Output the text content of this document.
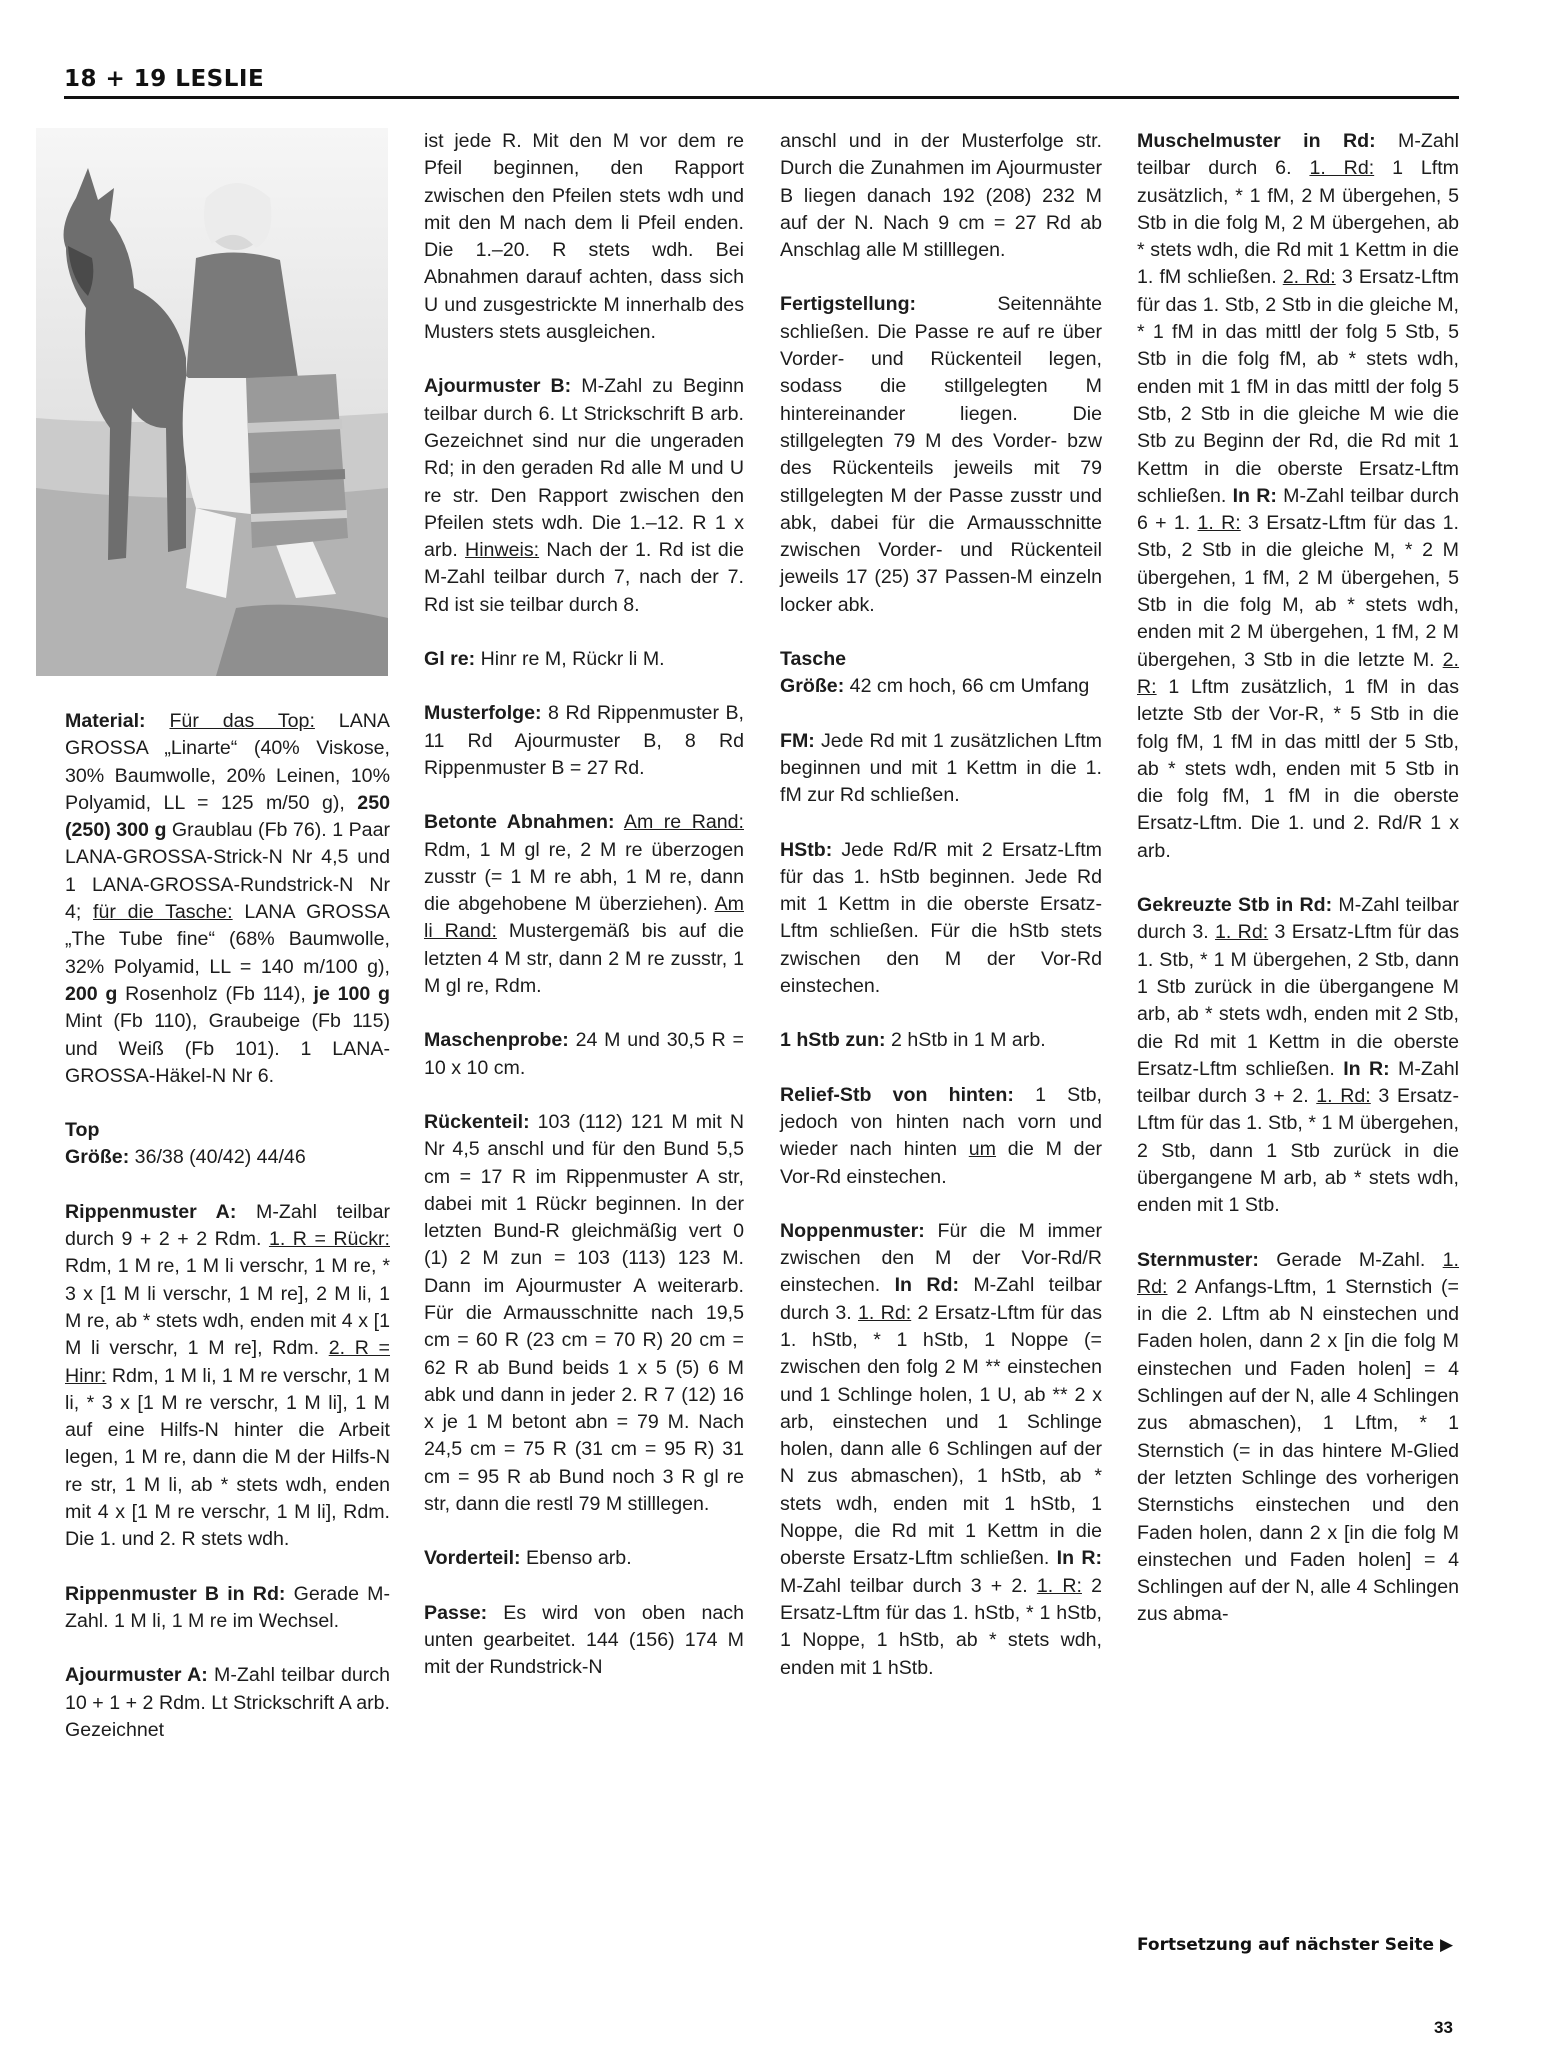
18 + 19 LESLIE

Material: Für das Top: LANA GROSSA „Linarte“ (40% Viskose, 30% Baumwolle, 20% Leinen, 10% Polyamid, LL = 125 m/50 g), 250 (250) 300 g Graublau (Fb 76). 1 Paar LANA-GROSSA-Strick-N Nr 4,5 und 1 LANA-GROSSA-Rundstrick-N Nr 4; für die Tasche: LANA GROSSA „The Tube fine“ (68% Baumwolle, 32% Polyamid, LL = 140 m/100 g), 200 g Rosenholz (Fb 114), je 100 g Mint (Fb 110), Graubeige (Fb 115) und Weiß (Fb 101). 1 LANA-GROSSA-Häkel-N Nr 6.

Top
Größe: 36/38 (40/42) 44/46

Rippenmuster A: M-Zahl teilbar durch 9 + 2 + 2 Rdm. 1. R = Rückr: Rdm, 1 M re, 1 M li verschr, 1 M re, * 3 x [1 M li verschr, 1 M re], 2 M li, 1 M re, ab * stets wdh, enden mit 4 x [1 M li verschr, 1 M re], Rdm. 2. R = Hinr: Rdm, 1 M li, 1 M re verschr, 1 M li, * 3 x [1 M re verschr, 1 M li], 1 M auf eine Hilfs-N hinter die Arbeit legen, 1 M re, dann die M der Hilfs-N re str, 1 M li, ab * stets wdh, enden mit 4 x [1 M re verschr, 1 M li], Rdm. Die 1. und 2. R stets wdh.

Rippenmuster B in Rd: Gerade M-Zahl. 1 M li, 1 M re im Wechsel.

Ajourmuster A: M-Zahl teilbar durch 10 + 1 + 2 Rdm. Lt Strickschrift A arb. Gezeichnet

ist jede R. Mit den M vor dem re Pfeil beginnen, den Rapport zwischen den Pfeilen stets wdh und mit den M nach dem li Pfeil enden. Die 1.–20. R stets wdh. Bei Abnahmen darauf achten, dass sich U und zusgestrickte M innerhalb des Musters stets ausgleichen.

Ajourmuster B: M-Zahl zu Beginn teilbar durch 6. Lt Strickschrift B arb. Gezeichnet sind nur die ungeraden Rd; in den geraden Rd alle M und U re str. Den Rapport zwischen den Pfeilen stets wdh. Die 1.–12. R 1 x arb. Hinweis: Nach der 1. Rd ist die M-Zahl teilbar durch 7, nach der 7. Rd ist sie teilbar durch 8.

Gl re: Hinr re M, Rückr li M.

Musterfolge: 8 Rd Rippenmuster B, 11 Rd Ajourmuster B, 8 Rd Rippenmuster B = 27 Rd.

Betonte Abnahmen: Am re Rand: Rdm, 1 M gl re, 2 M re überzogen zusstr (= 1 M re abh, 1 M re, dann die abgehobene M überziehen). Am li Rand: Mustergemäß bis auf die letzten 4 M str, dann 2 M re zusstr, 1 M gl re, Rdm.

Maschenprobe: 24 M und 30,5 R = 10 x 10 cm.

Rückenteil: 103 (112) 121 M mit N Nr 4,5 anschl und für den Bund 5,5 cm = 17 R im Rippenmuster A str, dabei mit 1 Rückr beginnen. In der letzten Bund-R gleichmäßig vert 0 (1) 2 M zun = 103 (113) 123 M. Dann im Ajourmuster A weiterarb. Für die Armausschnitte nach 19,5 cm = 60 R (23 cm = 70 R) 20 cm = 62 R ab Bund beids 1 x 5 (5) 6 M abk und dann in jeder 2. R 7 (12) 16 x je 1 M betont abn = 79 M. Nach 24,5 cm = 75 R (31 cm = 95 R) 31 cm = 95 R ab Bund noch 3 R gl re str, dann die restl 79 M stilllegen.

Vorderteil: Ebenso arb.

Passe: Es wird von oben nach unten gearbeitet. 144 (156) 174 M mit der Rundstrick-N

anschl und in der Musterfolge str. Durch die Zunahmen im Ajourmuster B liegen danach 192 (208) 232 M auf der N. Nach 9 cm = 27 Rd ab Anschlag alle M stilllegen.

Fertigstellung: Seitennähte schließen. Die Passe re auf re über Vorder- und Rückenteil legen, sodass die stillgelegten M hintereinander liegen. Die stillgelegten 79 M des Vorder- bzw des Rückenteils jeweils mit 79 stillgelegten M der Passe zusstr und abk, dabei für die Armausschnitte zwischen Vorder- und Rückenteil jeweils 17 (25) 37 Passen-M einzeln locker abk.

Tasche
Größe: 42 cm hoch, 66 cm Umfang

FM: Jede Rd mit 1 zusätzlichen Lftm beginnen und mit 1 Kettm in die 1. fM zur Rd schließen.

HStb: Jede Rd/R mit 2 Ersatz-Lftm für das 1. hStb beginnen. Jede Rd mit 1 Kettm in die oberste Ersatz-Lftm schließen. Für die hStb stets zwischen den M der Vor-Rd einstechen.

1 hStb zun: 2 hStb in 1 M arb.

Relief-Stb von hinten: 1 Stb, jedoch von hinten nach vorn und wieder nach hinten um die M der Vor-Rd einstechen.

Noppenmuster: Für die M immer zwischen den M der Vor-Rd/R einstechen. In Rd: M-Zahl teilbar durch 3. 1. Rd: 2 Ersatz-Lftm für das 1. hStb, * 1 hStb, 1 Noppe (= zwischen den folg 2 M ** einstechen und 1 Schlinge holen, 1 U, ab ** 2 x arb, einstechen und 1 Schlinge holen, dann alle 6 Schlingen auf der N zus abmaschen), 1 hStb, ab * stets wdh, enden mit 1 hStb, 1 Noppe, die Rd mit 1 Kettm in die oberste Ersatz-Lftm schließen. In R: M-Zahl teilbar durch 3 + 2. 1. R: 2 Ersatz-Lftm für das 1. hStb, * 1 hStb, 1 Noppe, 1 hStb, ab * stets wdh, enden mit 1 hStb.

Muschelmuster in Rd: M-Zahl teilbar durch 6. 1. Rd: 1 Lftm zusätzlich, * 1 fM, 2 M übergehen, 5 Stb in die folg M, 2 M übergehen, ab * stets wdh, die Rd mit 1 Kettm in die 1. fM schließen. 2. Rd: 3 Ersatz-Lftm für das 1. Stb, 2 Stb in die gleiche M, * 1 fM in das mittl der folg 5 Stb, 5 Stb in die folg fM, ab * stets wdh, enden mit 1 fM in das mittl der folg 5 Stb, 2 Stb in die gleiche M wie die Stb zu Beginn der Rd, die Rd mit 1 Kettm in die oberste Ersatz-Lftm schließen. In R: M-Zahl teilbar durch 6 + 1. 1. R: 3 Ersatz-Lftm für das 1. Stb, 2 Stb in die gleiche M, * 2 M übergehen, 1 fM, 2 M übergehen, 5 Stb in die folg M, ab * stets wdh, enden mit 2 M übergehen, 1 fM, 2 M übergehen, 3 Stb in die letzte M. 2. R: 1 Lftm zusätzlich, 1 fM in das letzte Stb der Vor-R, * 5 Stb in die folg fM, 1 fM in das mittl der 5 Stb, ab * stets wdh, enden mit 5 Stb in die folg fM, 1 fM in die oberste Ersatz-Lftm. Die 1. und 2. Rd/R 1 x arb.

Gekreuzte Stb in Rd: M-Zahl teilbar durch 3. 1. Rd: 3 Ersatz-Lftm für das 1. Stb, * 1 M übergehen, 2 Stb, dann 1 Stb zurück in die übergangene M arb, ab * stets wdh, enden mit 2 Stb, die Rd mit 1 Kettm in die oberste Ersatz-Lftm schließen. In R: M-Zahl teilbar durch 3 + 2. 1. Rd: 3 Ersatz-Lftm für das 1. Stb, * 1 M übergehen, 2 Stb, dann 1 Stb zurück in die übergangene M arb, ab * stets wdh, enden mit 1 Stb.

Sternmuster: Gerade M-Zahl. 1. Rd: 2 Anfangs-Lftm, 1 Sternstich (= in die 2. Lftm ab N einstechen und Faden holen, dann 2 x [in die folg M einstechen und Faden holen] = 4 Schlingen auf der N, alle 4 Schlingen zus abmaschen), 1 Lftm, * 1 Sternstich (= in das hintere M-Glied der letzten Schlinge des vorherigen Sternstichs einstechen und den Faden holen, dann 2 x [in die folg M einstechen und Faden holen] = 4 Schlingen auf der N, alle 4 Schlingen zus abma-

Fortsetzung auf nächster Seite ▶
33
